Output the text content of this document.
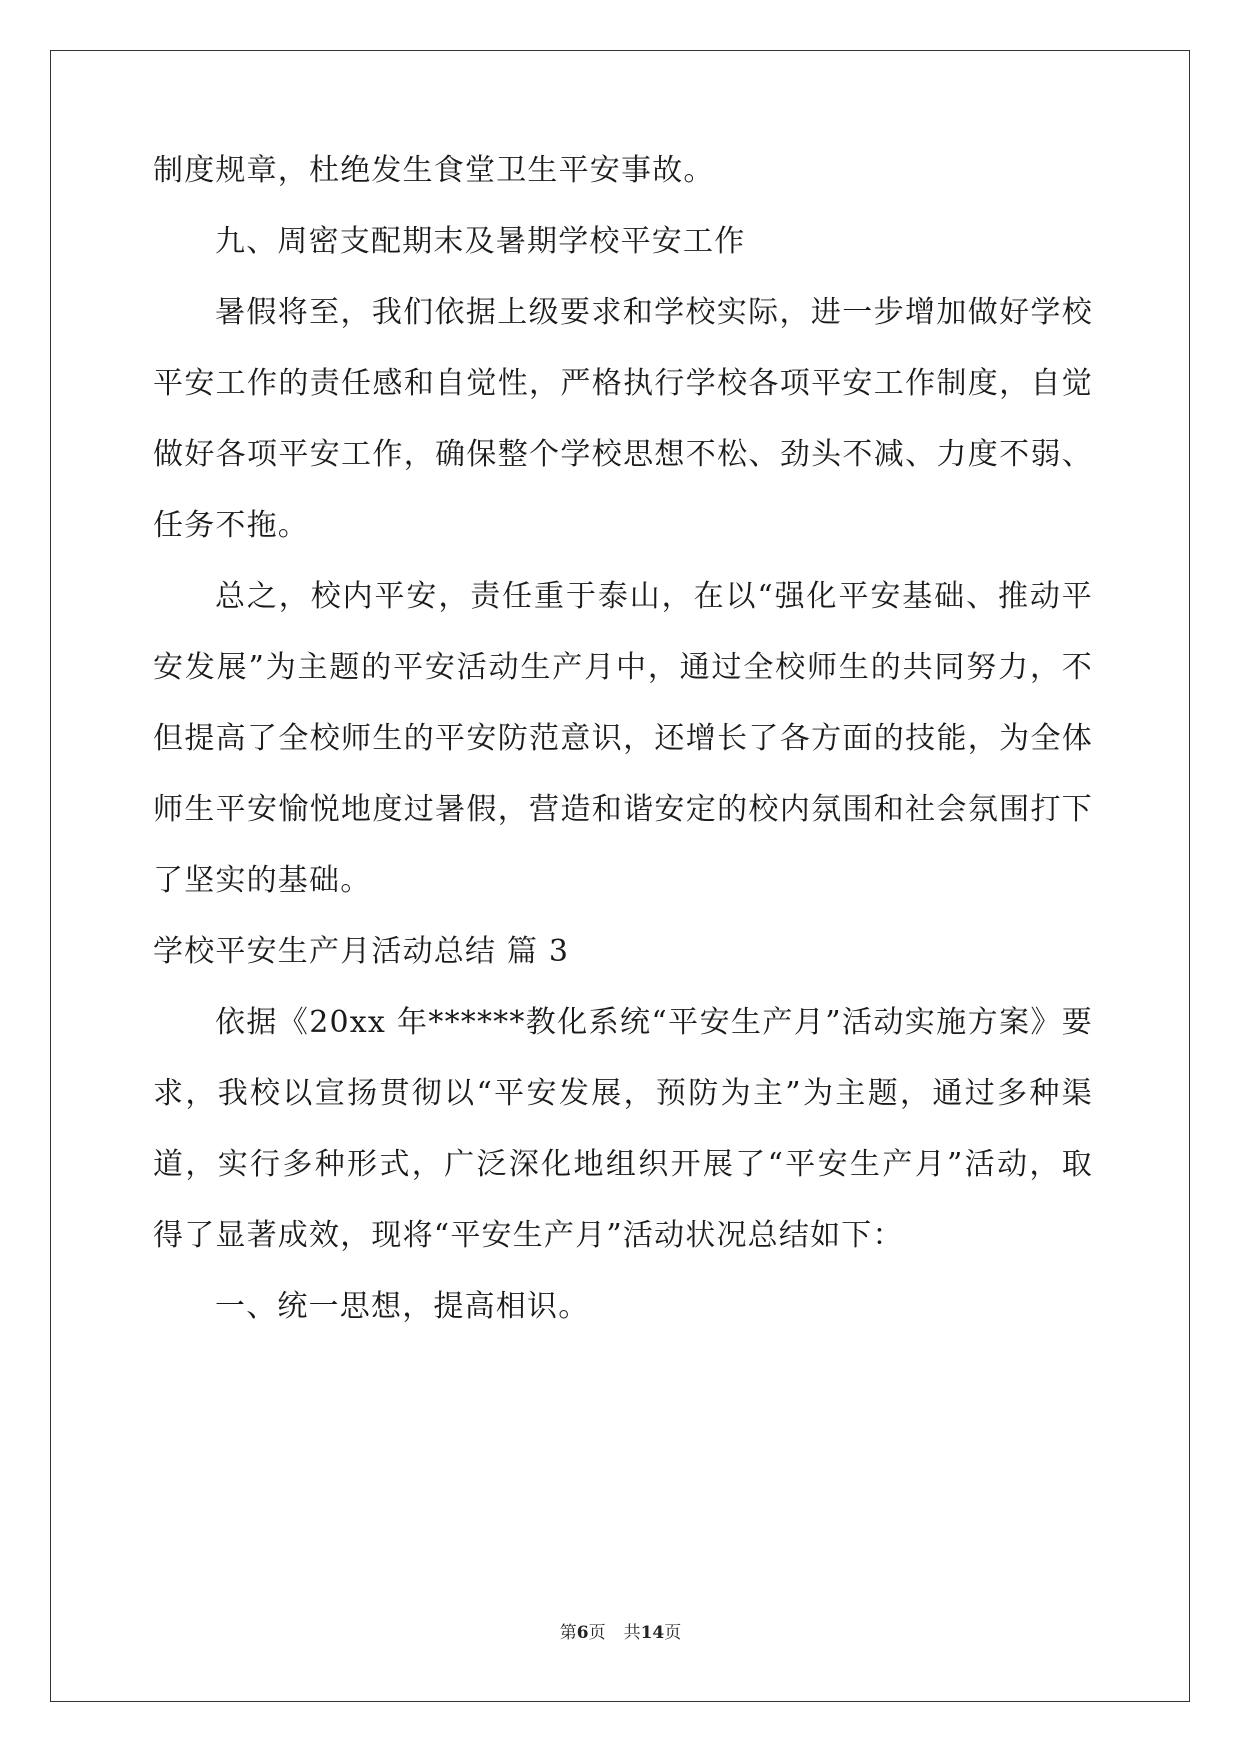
制度规章，杜绝发生食堂卫生平安事故。
九、周密支配期末及暑期学校平安工作
暑假将至，我们依据上级要求和学校实际，进一步增加做好学校
平安工作的责任感和自觉性，严格执行学校各项平安工作制度，自觉
做好各项平安工作，确保整个学校思想不松、劲头不减、力度不弱、
任务不拖。
总之，校内平安，责任重于泰山，在以“强化平安基础、推动平
安发展”为主题的平安活动生产月中，通过全校师生的共同努力，不
但提高了全校师生的平安防范意识，还增长了各方面的技能，为全体
师生平安愉悦地度过暑假，营造和谐安定的校内氛围和社会氛围打下
了坚实的基础。
学校平安生产月活动总结 篇 3
依据《20xx 年******教化系统“平安生产月”活动实施方案》要
求，我校以宣扬贯彻以“平安发展，预防为主”为主题，通过多种渠
道，实行多种形式，广泛深化地组织开展了“平安生产月”活动，取
得了显著成效，现将“平安生产月”活动状况总结如下：
一、统一思想，提高相识。
第6页 共14页
